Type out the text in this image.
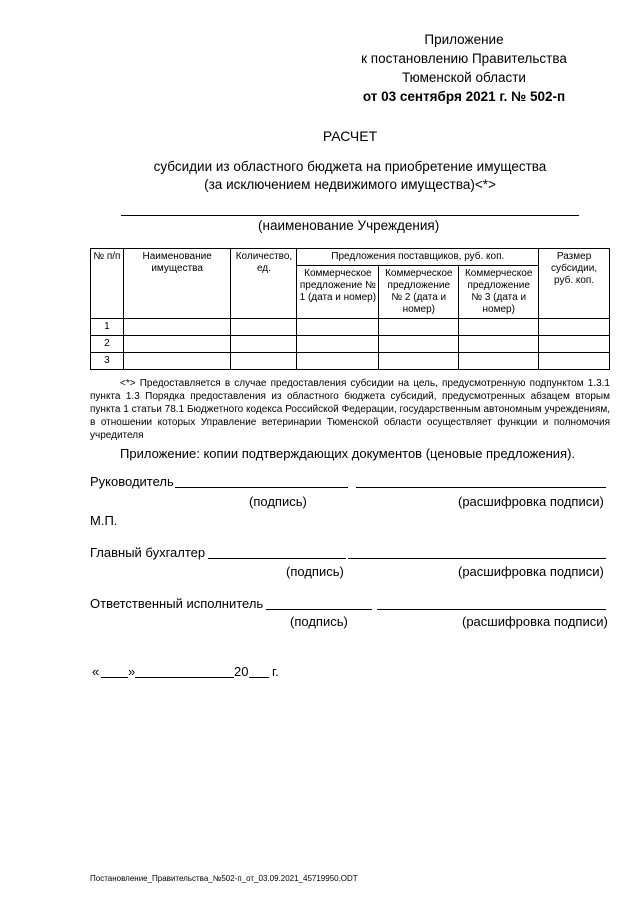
Приложение
к постановлению Правительства
Тюменской области
от 03 сентября 2021 г. № 502-п
РАСЧЕТ
субсидии из областного бюджета на приобретение имущества
(за исключением недвижимого имущества)<*>
(наименование Учреждения)
№ п/п	Наименование имущества	Количество, ед.	Предложения поставщиков, руб. коп.			Размер субсидии, руб. коп.
			Коммерческое предложение № 1 (дата и номер)	Коммерческое предложение № 2 (дата и номер)	Коммерческое предложение № 3 (дата и номер)	
1						
2						
3						
<*> Предоставляется в случае предоставления субсидии на цель, предусмотренную подпунктом 1.3.1 пункта 1.3 Порядка предоставления из областного бюджета субсидий, предусмотренных абзацем вторым пункта 1 статьи 78.1 Бюджетного кодекса Российской Федерации, государственным автономным учреждениям, в отношении которых Управление ветеринарии Тюменской области осуществляет функции и полномочия учредителя
Приложение: копии подтверждающих документов (ценовые предложения).
Руководитель
(подпись)	(расшифровка подписи)
М.П.
Главный бухгалтер
(подпись)	(расшифровка подписи)
Ответственный исполнитель
(подпись)	(расшифровка подписи)
« »	20 г.
Постановление_Правительства_№502-п_от_03.09.2021_45719950.ODT
